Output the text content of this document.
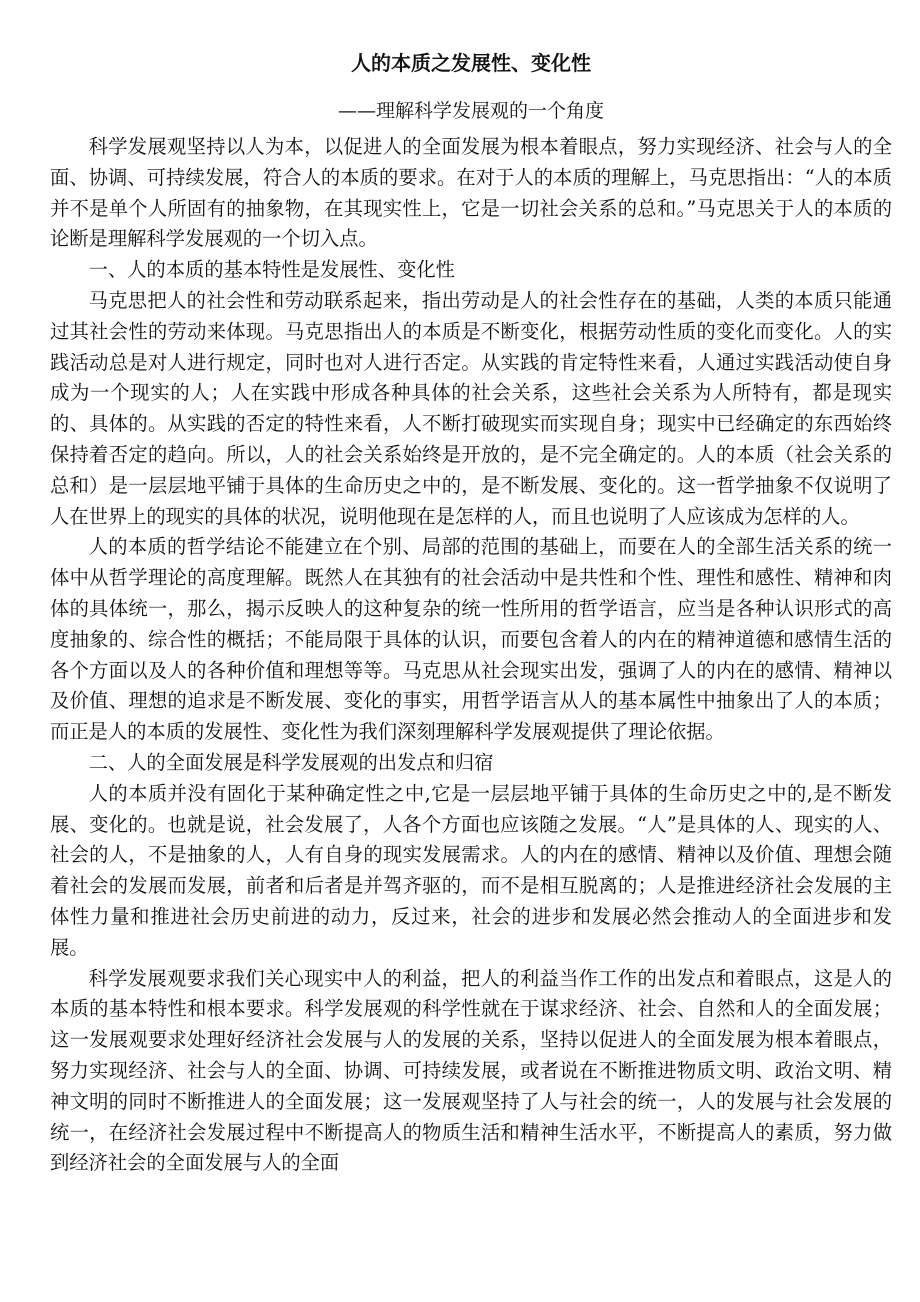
人的本质之发展性、变化性
——理解科学发展观的一个角度

科学发展观坚持以人为本，以促进人的全面发展为根本着眼点，努力实现经济、社会与人的全面、协调、可持续发展，符合人的本质的要求。在对于人的本质的理解上，马克思指出：“人的本质并不是单个人所固有的抽象物，在其现实性上，它是一切社会关系的总和。”马克思关于人的本质的论断是理解科学发展观的一个切入点。

一、人的本质的基本特性是发展性、变化性

马克思把人的社会性和劳动联系起来，指出劳动是人的社会性存在的基础，人类的本质只能通过其社会性的劳动来体现。马克思指出人的本质是不断变化，根据劳动性质的变化而变化。人的实践活动总是对人进行规定，同时也对人进行否定。从实践的肯定特性来看，人通过实践活动使自身成为一个现实的人；人在实践中形成各种具体的社会关系，这些社会关系为人所特有，都是现实的、具体的。从实践的否定的特性来看，人不断打破现实而实现自身；现实中已经确定的东西始终保持着否定的趋向。所以，人的社会关系始终是开放的，是不完全确定的。人的本质（社会关系的总和）是一层层地平铺于具体的生命历史之中的，是不断发展、变化的。这一哲学抽象不仅说明了人在世界上的现实的具体的状况，说明他现在是怎样的人，而且也说明了人应该成为怎样的人。

人的本质的哲学结论不能建立在个别、局部的范围的基础上，而要在人的全部生活关系的统一体中从哲学理论的高度理解。既然人在其独有的社会活动中是共性和个性、理性和感性、精神和肉体的具体统一，那么，揭示反映人的这种复杂的统一性所用的哲学语言，应当是各种认识形式的高度抽象的、综合性的概括；不能局限于具体的认识，而要包含着人的内在的精神道德和感情生活的各个方面以及人的各种价值和理想等等。马克思从社会现实出发，强调了人的内在的感情、精神以及价值、理想的追求是不断发展、变化的事实，用哲学语言从人的基本属性中抽象出了人的本质；而正是人的本质的发展性、变化性为我们深刻理解科学发展观提供了理论依据。

二、人的全面发展是科学发展观的出发点和归宿

人的本质并没有固化于某种确定性之中,它是一层层地平铺于具体的生命历史之中的,是不断发展、变化的。也就是说，社会发展了，人各个方面也应该随之发展。“人”是具体的人、现实的人、社会的人，不是抽象的人，人有自身的现实发展需求。人的内在的感情、精神以及价值、理想会随着社会的发展而发展，前者和后者是并驾齐驱的，而不是相互脱离的；人是推进经济社会发展的主体性力量和推进社会历史前进的动力，反过来，社会的进步和发展必然会推动人的全面进步和发展。

科学发展观要求我们关心现实中人的利益，把人的利益当作工作的出发点和着眼点，这是人的本质的基本特性和根本要求。科学发展观的科学性就在于谋求经济、社会、自然和人的全面发展；这一发展观要求处理好经济社会发展与人的发展的关系，坚持以促进人的全面发展为根本着眼点，努力实现经济、社会与人的全面、协调、可持续发展，或者说在不断推进物质文明、政治文明、精神文明的同时不断推进人的全面发展；这一发展观坚持了人与社会的统一，人的发展与社会发展的统一，在经济社会发展过程中不断提高人的物质生活和精神生活水平，不断提高人的素质，努力做到经济社会的全面发展与人的全面
